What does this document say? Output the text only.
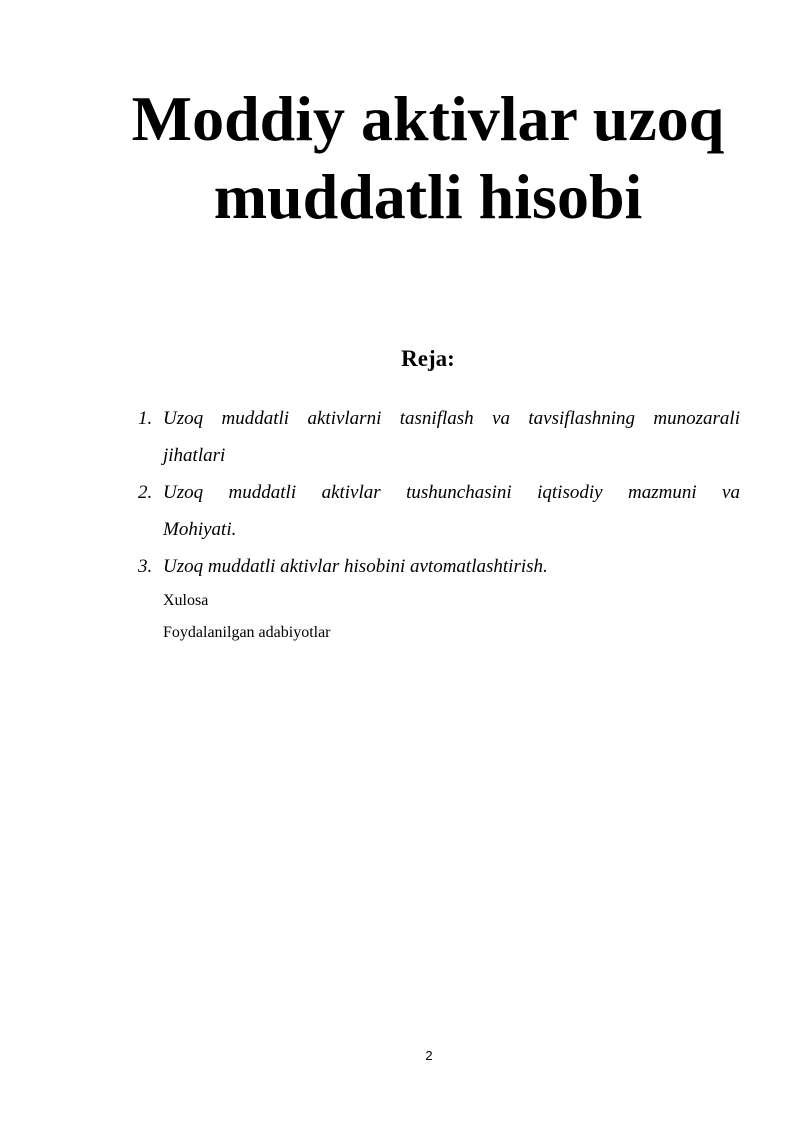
Moddiy aktivlar uzoq muddatli hisobi
Reja:
1. Uzoq muddatli aktivlarni tasniflash va tavsiflashning munozarali
jihatlari
2. Uzoq muddatli aktivlar tushunchasini iqtisodiy mazmuni va
Mohiyati.
3. Uzoq muddatli aktivlar hisobini avtomatlashtirish.
Xulosa
Foydalanilgan adabiyotlar
2
